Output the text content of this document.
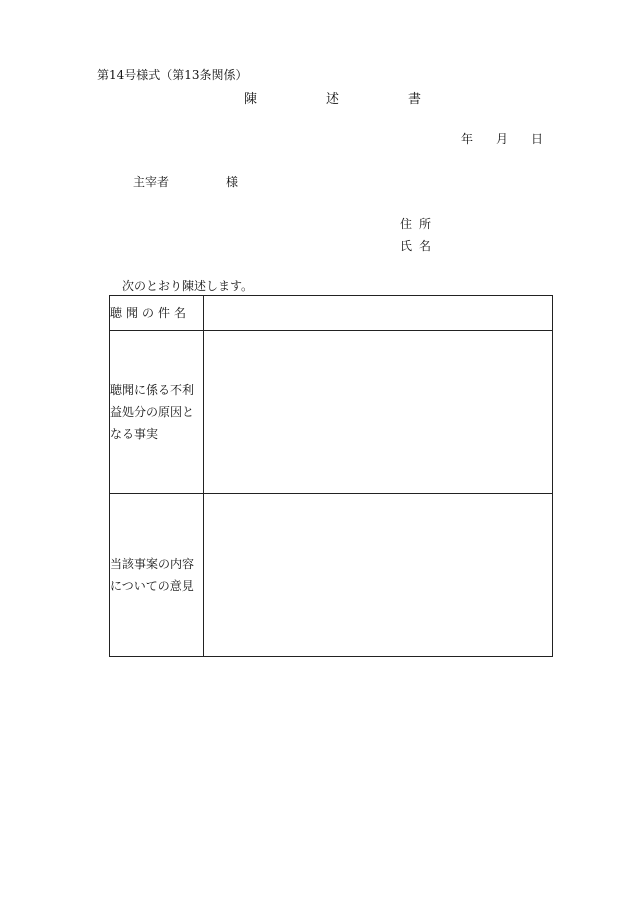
第14号様式（第13条関係）
陳	述	書
年 月 日
主宰者	様
住所
氏名
次のとおり陳述します。
聴聞の件名	
聴聞に係る不利益処分の原因となる事実	
当該事案の内容についての意見	
